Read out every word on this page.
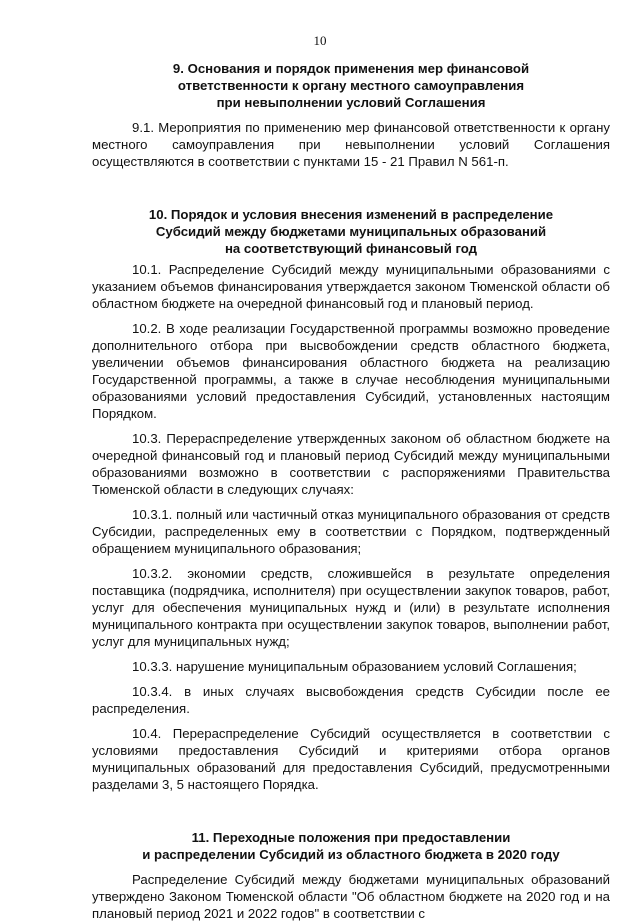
10
9. Основания и порядок применения мер финансовой
ответственности к органу местного самоуправления
при невыполнении условий Соглашения

9.1. Мероприятия по применению мер финансовой ответственности к органу местного самоуправления при невыполнении условий Соглашения осуществляются в соответствии с пунктами 15 - 21 Правил N 561-п.

10. Порядок и условия внесения изменений в распределение
Субсидий между бюджетами муниципальных образований
на соответствующий финансовый год

10.1. Распределение Субсидий между муниципальными образованиями с указанием объемов финансирования утверждается законом Тюменской области об областном бюджете на очередной финансовый год и плановый период.

10.2. В ходе реализации Государственной программы возможно проведение дополнительного отбора при высвобождении средств областного бюджета, увеличении объемов финансирования областного бюджета на реализацию Государственной программы, а также в случае несоблюдения муниципальными образованиями условий предоставления Субсидий, установленных настоящим Порядком.

10.3. Перераспределение утвержденных законом об областном бюджете на очередной финансовый год и плановый период Субсидий между муниципальными образованиями возможно в соответствии с распоряжениями Правительства Тюменской области в следующих случаях:

10.3.1. полный или частичный отказ муниципального образования от средств Субсидии, распределенных ему в соответствии с Порядком, подтвержденный обращением муниципального образования;

10.3.2. экономии средств, сложившейся в результате определения поставщика (подрядчика, исполнителя) при осуществлении закупок товаров, работ, услуг для обеспечения муниципальных нужд и (или) в результате исполнения муниципального контракта при осуществлении закупок товаров, выполнении работ, услуг для муниципальных нужд;

10.3.3. нарушение муниципальным образованием условий Соглашения;

10.3.4. в иных случаях высвобождения средств Субсидии после ее распределения.

10.4. Перераспределение Субсидий осуществляется в соответствии с условиями предоставления Субсидий и критериями отбора органов муниципальных образований для предоставления Субсидий, предусмотренными разделами 3, 5 настоящего Порядка.

11. Переходные положения при предоставлении
и распределении Субсидий из областного бюджета в 2020 году

Распределение Субсидий между бюджетами муниципальных образований утверждено Законом Тюменской области "Об областном бюджете на 2020 год и на плановый период 2021 и 2022 годов" в соответствии с
